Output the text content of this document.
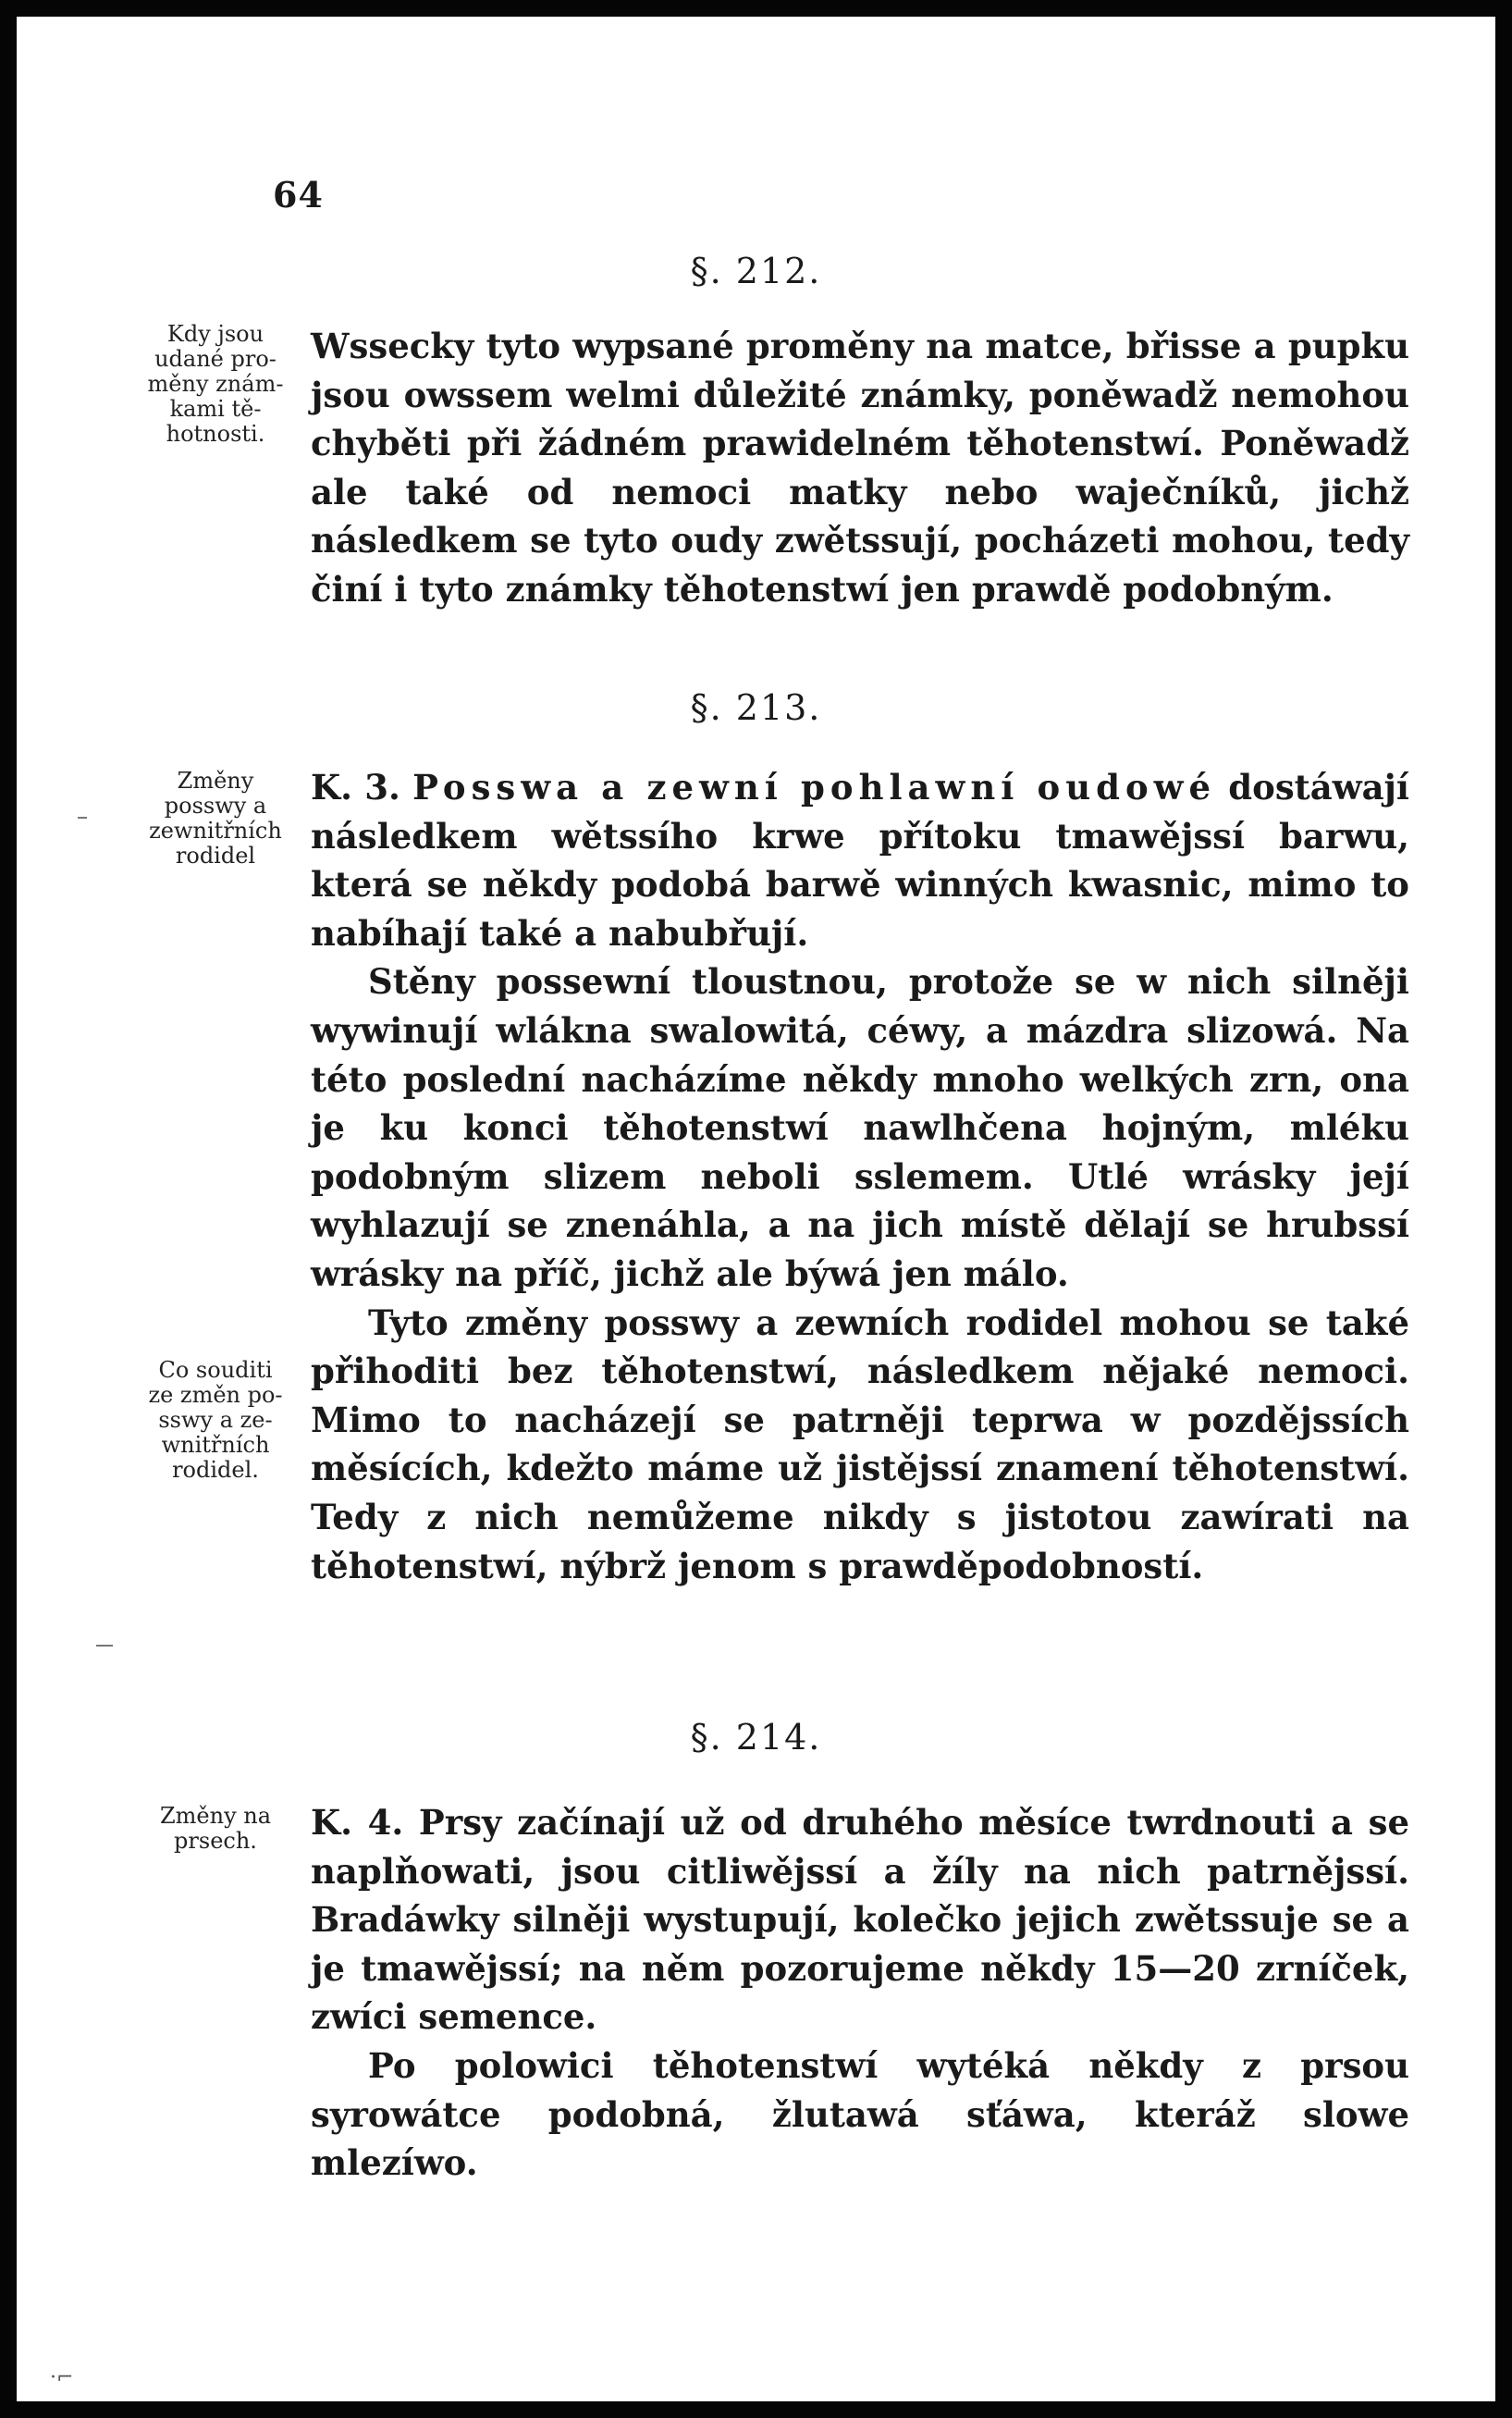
64
§. 212.
Kdy jsou
udané pro-
měny znám-
kami tě-
hotnosti.

Wssecky tyto wypsané proměny na matce, břisse a pupku jsou owssem welmi důležité známky, poněwadž nemohou chyběti při žádném prawidelném těhotenstwí. Poněwadž ale také od nemoci matky nebo waječníků, jichž následkem se tyto oudy zwětssují, pocházeti mohou, tedy činí i tyto známky těhotenstwí jen prawdě podobným.

§. 213.
Změny
posswy a
zewnitřních
rodidel

K. 3. Posswa a zewní pohlawní oudowé dostáwají následkem wětssího krwe přítoku tmawějssí barwu, která se někdy podobá barwě winných kwasnic, mimo to nabíhají také a nabubřují.

Stěny possewní tloustnou, protože se w nich silněji wywinují wlákna swalowitá, céwy, a mázdra slizowá. Na této poslední nacházíme někdy mnoho welkých zrn, ona je ku konci těhotenstwí nawlhčena hojným, mléku podobným slizem neboli sslemem. Utlé wrásky její wyhlazují se znenáhla, a na jich místě dělají se hrubssí wrásky na příč, jichž ale býwá jen málo.

Tyto změny posswy a zewních rodidel mohou se také přihoditi bez těhotenstwí, následkem nějaké nemoci. Mimo to nacházejí se patrněji teprwa w pozdějssích měsících, kdežto máme už jistějssí znamení těhotenstwí. Tedy z nich nemůžeme nikdy s jistotou zawírati na těhotenstwí, nýbrž jenom s prawděpodobností.

Co souditi
ze změn po-
sswy a ze-
wnitřních
rodidel.
§. 214.
Změny na
prsech.	K. 4. Prsy začínají už od druhého měsíce twrdnouti a se naplňowati, jsou citliwějssí a žíly na nich patrnějssí. Bradáwky silněji wystupují, kolečko jejich zwětssuje se a je tmawějssí; na něm pozorujeme někdy 15—20 zrníček, zwíci semence.

Po polowici těhotenstwí wytéká někdy z prsou syrowátce podobná, žlutawá sťáwa, kteráž slowe mlezíwo.

·⌐
